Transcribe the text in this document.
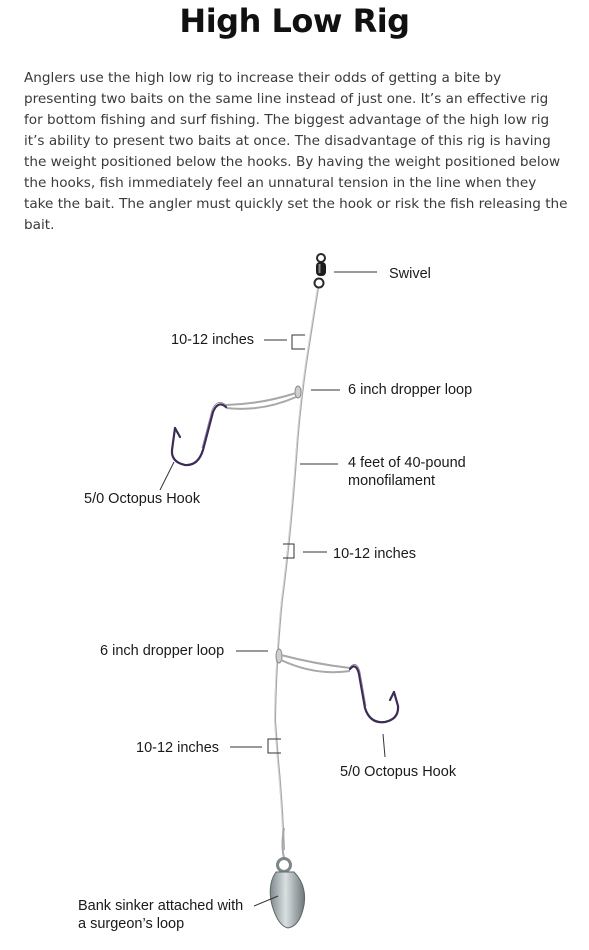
High Low Rig

Anglers use the high low rig to increase their odds of getting a bite by presenting two baits on the same line instead of just one. It’s an effective rig for bottom fishing and surf fishing. The biggest advantage of the high low rig it’s ability to present two baits at once. The disadvantage of this rig is having the weight positioned below the hooks. By having the weight positioned below the hooks, fish immediately feel an unnatural tension in the line when they take the bait. The angler must quickly set the hook or risk the fish releasing the bait.

Swivel
10-12 inches
6 inch dropper loop
4 feet of 40-pound
monofilament
5/0 Octopus Hook
10-12 inches
6 inch dropper loop
10-12 inches
5/0 Octopus Hook
Bank sinker attached with
a surgeon’s loop
